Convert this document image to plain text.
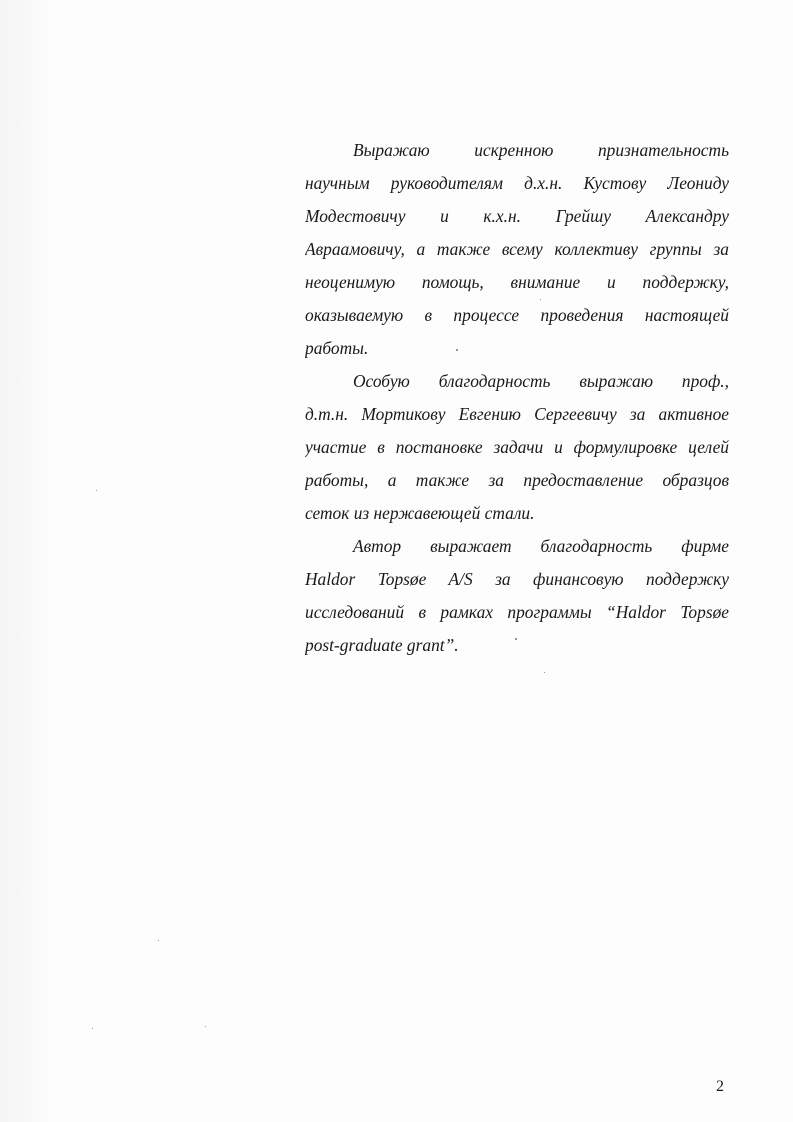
Выражаю искренною признательность
научным руководителям д.х.н. Кустову Леониду
Модестовичу и к.х.н. Грейшу Александру
Авраамовичу, а также всему коллективу группы за
неоценимую помощь, внимание и поддержку,
оказываемую в процессе проведения настоящей
работы.
Особую благодарность выражаю проф.,
д.т.н. Мортикову Евгению Сергеевичу за активное
участие в постановке задачи и формулировке целей
работы, а также за предоставление образцов
сеток из нержавеющей стали.
Автор выражает благодарность фирме
Haldor Topsøe A/S за финансовую поддержку
исследований в рамках программы “Haldor Topsøe
post-graduate grant”.
2
